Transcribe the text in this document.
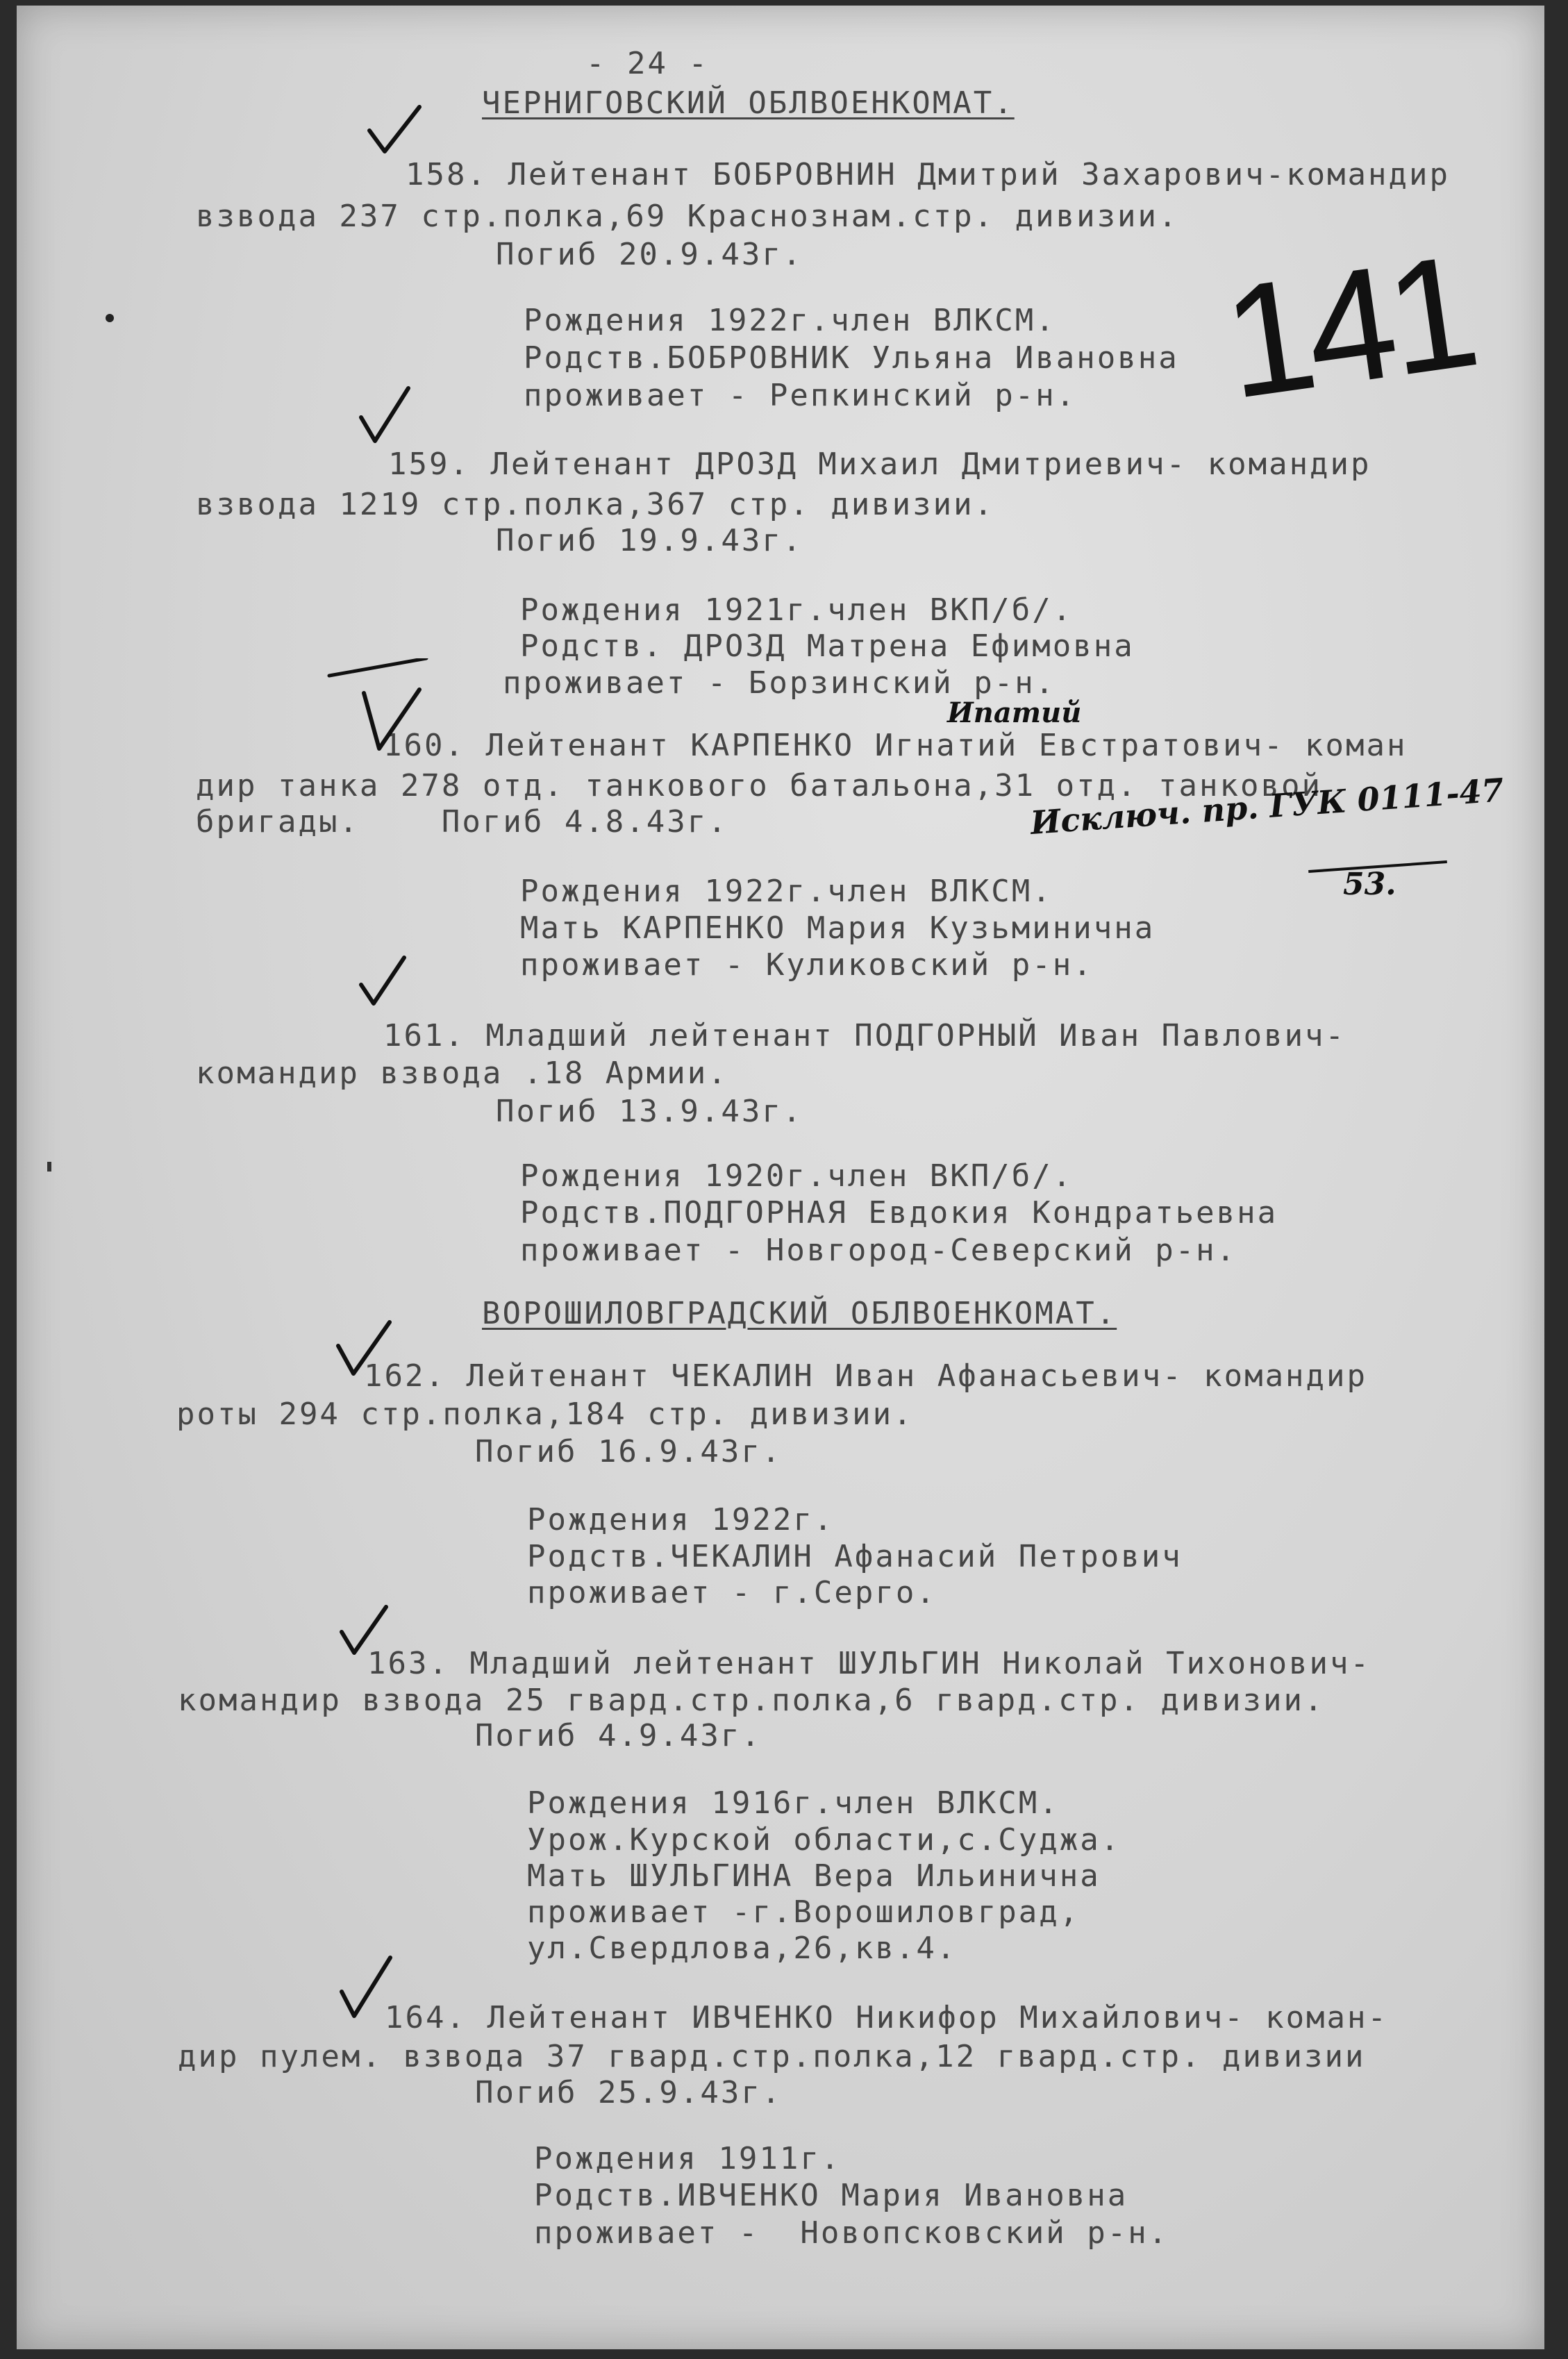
- 24 -
ЧЕРНИГОВСКИЙ ОБЛВОЕНКОМАТ.
158. Лейтенант БОБРОВНИН Дмитрий Захарович-командир
взвода 237 стр.полка,69 Краснознам.стр. дивизии.
Погиб 20.9.43г.
Рождения 1922г.член ВЛКСМ.
Родств.БОБРОВНИК Ульяна Ивановна
проживает - Репкинский р-н.
159. Лейтенант ДРОЗД Михаил Дмитриевич- командир
взвода 1219 стр.полка,367 стр. дивизии.
Погиб 19.9.43г.
Рождения 1921г.член ВКП/б/.
Родств. ДРОЗД Матрена Ефимовна
проживает - Борзинский р-н.
Ипатий
160. Лейтенант КАРПЕНКО Игнатий Евстратович- коман
дир танка 278 отд. танкового батальона,31 отд. танковой
бригады.    Погиб 4.8.43г.	Исключ. пр. ГУК 0111-47
53.
Рождения 1922г.член ВЛКСМ.
Мать КАРПЕНКО Мария Кузьминична
проживает - Куликовский р-н.
161. Младший лейтенант ПОДГОРНЫЙ Иван Павлович-
командир взвода .18 Армии.
Погиб 13.9.43г.
Рождения 1920г.член ВКП/б/.
Родств.ПОДГОРНАЯ Евдокия Кондратьевна
проживает - Новгород-Северский р-н.
ВОРОШИЛОВГРАДСКИЙ ОБЛВОЕНКОМАТ.
162. Лейтенант ЧЕКАЛИН Иван Афанасьевич- командир
роты 294 стр.полка,184 стр. дивизии.
Погиб 16.9.43г.
Рождения 1922г.
Родств.ЧЕКАЛИН Афанасий Петрович
проживает - г.Серго.
163. Младший лейтенант ШУЛЬГИН Николай Тихонович-
командир взвода 25 гвард.стр.полка,6 гвард.стр. дивизии.
Погиб 4.9.43г.
Рождения 1916г.член ВЛКСМ.
Урож.Курской области,с.Суджа.
Мать ШУЛЬГИНА Вера Ильинична
проживает -г.Ворошиловград,
ул.Свердлова,26,кв.4.
164. Лейтенант ИВЧЕНКО Никифор Михайлович- коман-
дир пулем. взвода 37 гвард.стр.полка,12 гвард.стр. дивизии
Погиб 25.9.43г.
Рождения 1911г.
Родств.ИВЧЕНКО Мария Ивановна
проживает -  Новопсковский р-н.
141
